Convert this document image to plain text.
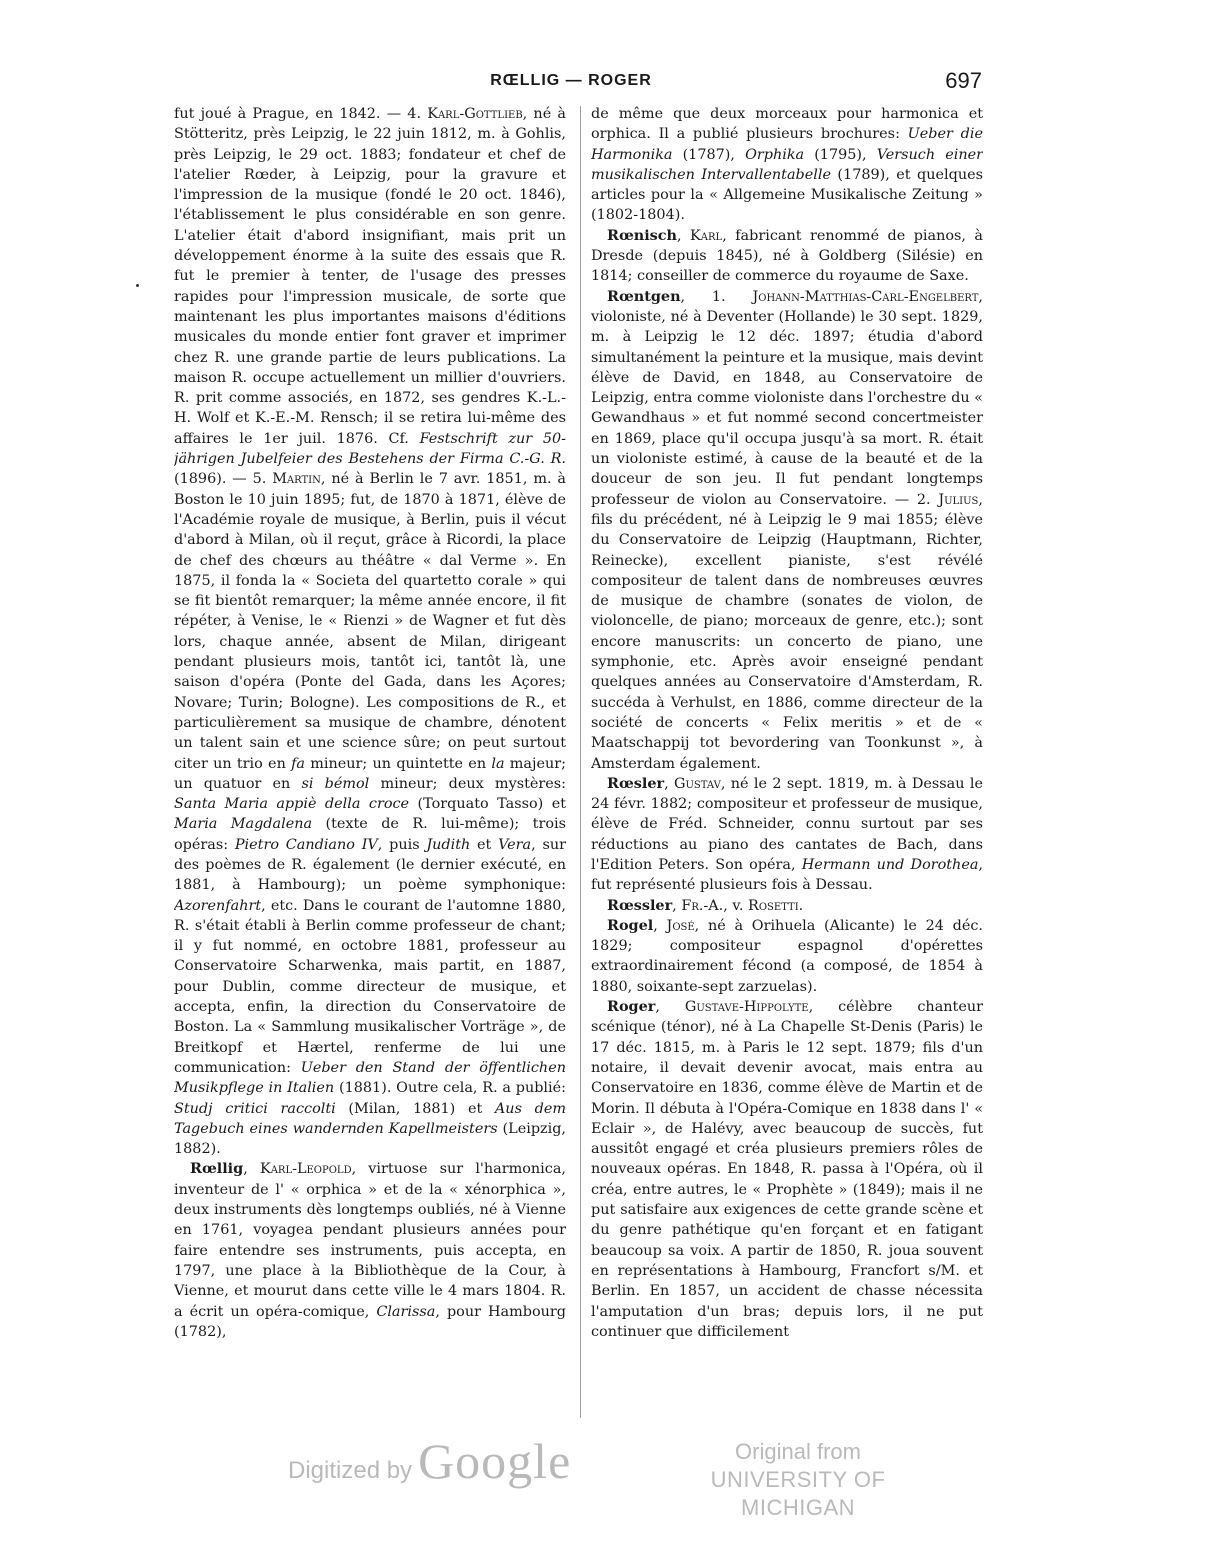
RŒLLIG — ROGER	697

fut joué à Prague, en 1842. — 4. Karl-Gottlieb, né à Stötteritz, près Leipzig, le 22 juin 1812, m. à Gohlis, près Leipzig, le 29 oct. 1883; fondateur et chef de l'atelier Rœder, à Leipzig, pour la gravure et l'impression de la musique (fondé le 20 oct. 1846), l'établissement le plus considérable en son genre. L'atelier était d'abord insignifiant, mais prit un développement énorme à la suite des essais que R. fut le premier à tenter, de l'usage des presses rapides pour l'impression musicale, de sorte que maintenant les plus importantes maisons d'éditions musicales du monde entier font graver et imprimer chez R. une grande partie de leurs publications. La maison R. occupe actuellement un millier d'ouvriers. R. prit comme associés, en 1872, ses gendres K.-L.-H. Wolf et K.-E.-M. Rensch; il se retira lui-même des affaires le 1er juil. 1876. Cf. Festschrift zur 50-jährigen Jubelfeier des Bestehens der Firma C.-G. R. (1896). — 5. Martin, né à Berlin le 7 avr. 1851, m. à Boston le 10 juin 1895; fut, de 1870 à 1871, élève de l'Académie royale de musique, à Berlin, puis il vécut d'abord à Milan, où il reçut, grâce à Ricordi, la place de chef des chœurs au théâtre « dal Verme ». En 1875, il fonda la « Societa del quartetto corale » qui se fit bientôt remarquer; la même année encore, il fit répéter, à Venise, le « Rienzi » de Wagner et fut dès lors, chaque année, absent de Milan, dirigeant pendant plusieurs mois, tantôt ici, tantôt là, une saison d'opéra (Ponte del Gada, dans les Açores; Novare; Turin; Bologne). Les compositions de R., et particulièrement sa musique de chambre, dénotent un talent sain et une science sûre; on peut surtout citer un trio en fa mineur; un quintette en la majeur; un quatuor en si bémol mineur; deux mystères: Santa Maria appiè della croce (Torquato Tasso) et Maria Magdalena (texte de R. lui-même); trois opéras: Pietro Candiano IV, puis Judith et Vera, sur des poèmes de R. également (le dernier exécuté, en 1881, à Hambourg); un poème symphonique: Azorenfahrt, etc. Dans le courant de l'automne 1880, R. s'était établi à Berlin comme professeur de chant; il y fut nommé, en octobre 1881, professeur au Conservatoire Scharwenka, mais partit, en 1887, pour Dublin, comme directeur de musique, et accepta, enfin, la direction du Conservatoire de Boston. La « Sammlung musikalischer Vorträge », de Breitkopf et Hærtel, renferme de lui une communication: Ueber den Stand der öffentlichen Musikpflege in Italien (1881). Outre cela, R. a publié: Studj critici raccolti (Milan, 1881) et Aus dem Tagebuch eines wandernden Kapellmeisters (Leipzig, 1882).

Rœllig, Karl-Leopold, virtuose sur l'harmonica, inventeur de l' « orphica » et de la « xénorphica », deux instruments dès longtemps oubliés, né à Vienne en 1761, voyagea pendant plusieurs années pour faire entendre ses instruments, puis accepta, en 1797, une place à la Bibliothèque de la Cour, à Vienne, et mourut dans cette ville le 4 mars 1804. R. a écrit un opéra-comique, Clarissa, pour Hambourg (1782),

de même que deux morceaux pour harmonica et orphica. Il a publié plusieurs brochures: Ueber die Harmonika (1787), Orphika (1795), Versuch einer musikalischen Intervallentabelle (1789), et quelques articles pour la « Allgemeine Musikalische Zeitung » (1802-1804).

Rœnisch, Karl, fabricant renommé de pianos, à Dresde (depuis 1845), né à Goldberg (Silésie) en 1814; conseiller de commerce du royaume de Saxe.

Rœntgen, 1. Johann-Matthias-Carl-Engelbert, violoniste, né à Deventer (Hollande) le 30 sept. 1829, m. à Leipzig le 12 déc. 1897; étudia d'abord simultanément la peinture et la musique, mais devint élève de David, en 1848, au Conservatoire de Leipzig, entra comme violoniste dans l'orchestre du « Gewandhaus » et fut nommé second concertmeister en 1869, place qu'il occupa jusqu'à sa mort. R. était un violoniste estimé, à cause de la beauté et de la douceur de son jeu. Il fut pendant longtemps professeur de violon au Conservatoire. — 2. Julius, fils du précédent, né à Leipzig le 9 mai 1855; élève du Conservatoire de Leipzig (Hauptmann, Richter, Reinecke), excellent pianiste, s'est révélé compositeur de talent dans de nombreuses œuvres de musique de chambre (sonates de violon, de violoncelle, de piano; morceaux de genre, etc.); sont encore manuscrits: un concerto de piano, une symphonie, etc. Après avoir enseigné pendant quelques années au Conservatoire d'Amsterdam, R. succéda à Verhulst, en 1886, comme directeur de la société de concerts « Felix meritis » et de « Maatschappij tot bevordering van Toonkunst », à Amsterdam également.

Rœsler, Gustav, né le 2 sept. 1819, m. à Dessau le 24 févr. 1882; compositeur et professeur de musique, élève de Fréd. Schneider, connu surtout par ses réductions au piano des cantates de Bach, dans l'Edition Peters. Son opéra, Hermann und Dorothea, fut représenté plusieurs fois à Dessau.

Rœssler, Fr.-A., v. Rosetti.

Rogel, José, né à Orihuela (Alicante) le 24 déc. 1829; compositeur espagnol d'opérettes extraordinairement fécond (a composé, de 1854 à 1880, soixante-sept zarzuelas).

Roger, Gustave-Hippolyte, célèbre chanteur scénique (ténor), né à La Chapelle St-Denis (Paris) le 17 déc. 1815, m. à Paris le 12 sept. 1879; fils d'un notaire, il devait devenir avocat, mais entra au Conservatoire en 1836, comme élève de Martin et de Morin. Il débuta à l'Opéra-Comique en 1838 dans l' « Eclair », de Halévy, avec beaucoup de succès, fut aussitôt engagé et créa plusieurs premiers rôles de nouveaux opéras. En 1848, R. passa à l'Opéra, où il créa, entre autres, le « Prophète » (1849); mais il ne put satisfaire aux exigences de cette grande scène et du genre pathétique qu'en forçant et en fatigant beaucoup sa voix. A partir de 1850, R. joua souvent en représentations à Hambourg, Francfort s/M. et Berlin. En 1857, un accident de chasse nécessita l'amputation d'un bras; depuis lors, il ne put continuer que difficilement

Digitized by Google	Original from
UNIVERSITY OF MICHIGAN
